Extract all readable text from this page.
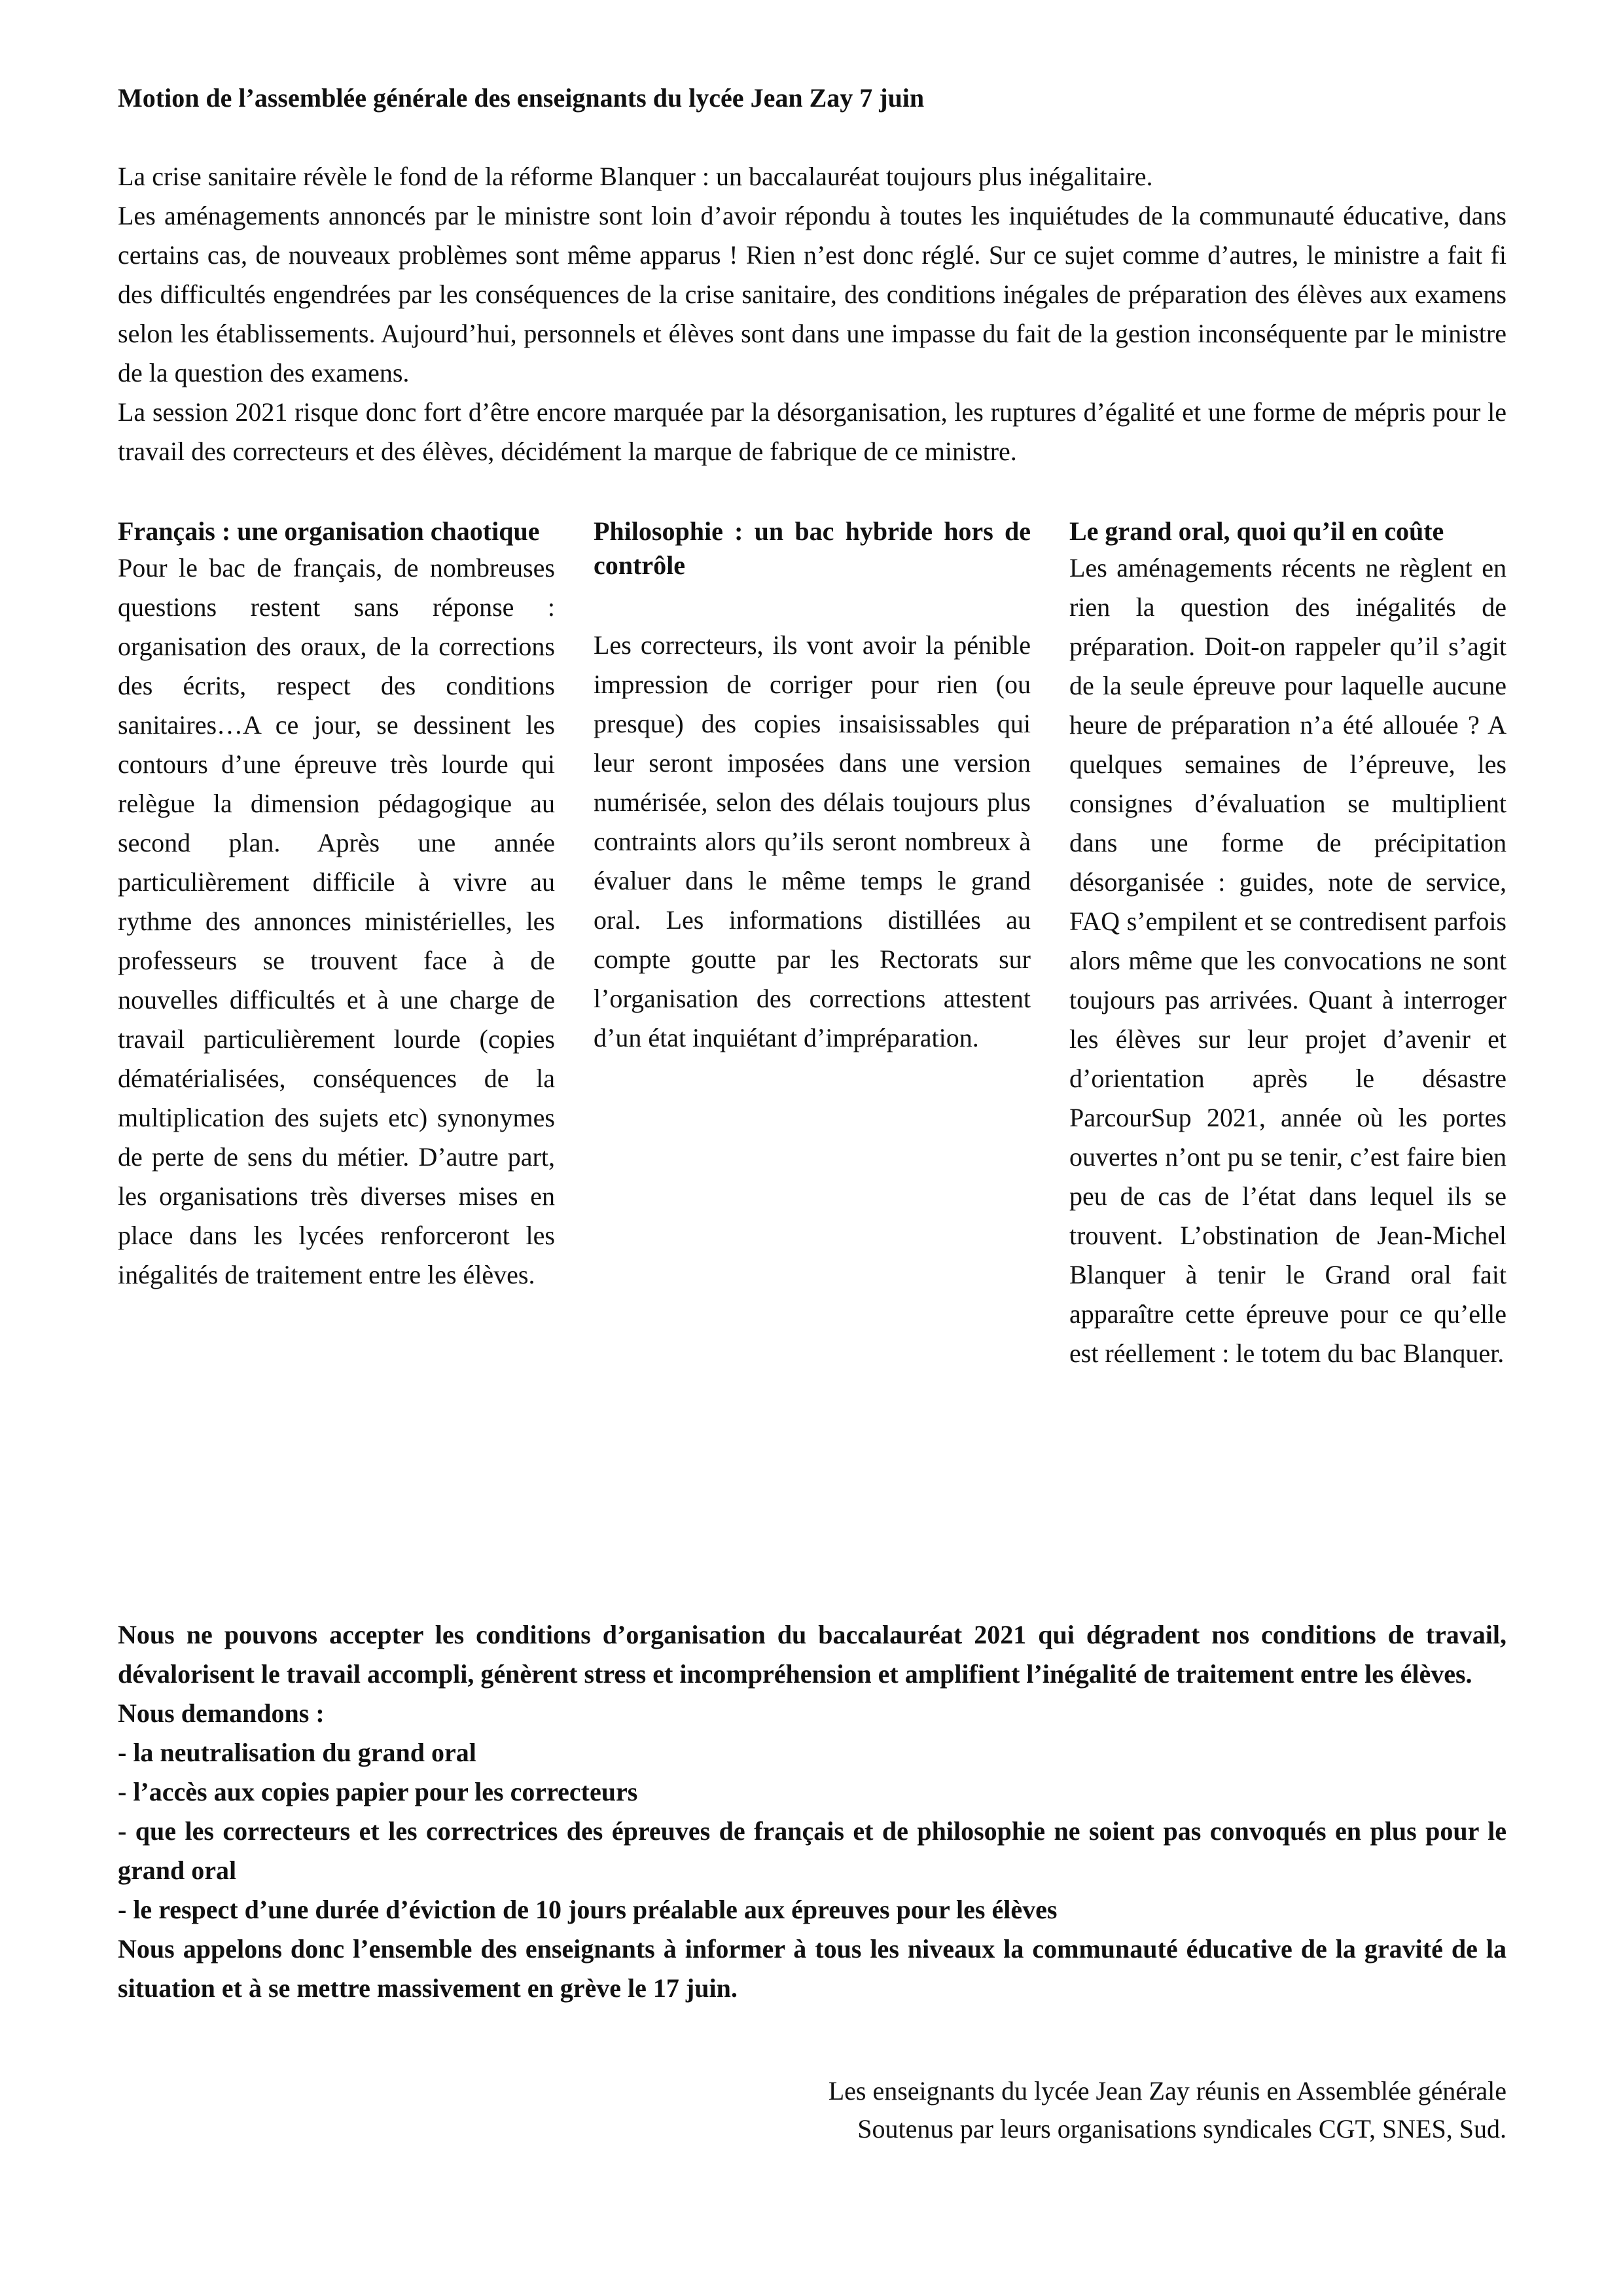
Motion de l’assemblée générale des enseignants du lycée Jean Zay 7 juin

La crise sanitaire révèle le fond de la réforme Blanquer : un baccalauréat toujours plus inégalitaire.

Les aménagements annoncés par le ministre sont loin d’avoir répondu à toutes les inquiétudes de la communauté éducative, dans certains cas, de nouveaux problèmes sont même apparus ! Rien n’est donc réglé. Sur ce sujet comme d’autres, le ministre a fait fi des difficultés engendrées par les conséquences de la crise sanitaire, des conditions inégales de préparation des élèves aux examens selon les établissements. Aujourd’hui, personnels et élèves sont dans une impasse du fait de la gestion inconséquente par le ministre de la question des examens.

La session 2021 risque donc fort d’être encore marquée par la désorganisation, les ruptures d’égalité et une forme de mépris pour le travail des correcteurs et des élèves, décidément la marque de fabrique de ce ministre.

Français : une organisation chaotique

Pour le bac de français, de nombreuses questions restent sans réponse : organisation des oraux, de la corrections des écrits, respect des conditions sanitaires…A ce jour, se dessinent les contours d’une épreuve très lourde qui relègue la dimension pédagogique au second plan. Après une année particulièrement difficile à vivre au rythme des annonces ministérielles, les professeurs se trouvent face à de nouvelles difficultés et à une charge de travail particulièrement lourde (copies dématérialisées, conséquences de la multiplication des sujets etc) synonymes de perte de sens du métier. D’autre part, les organisations très diverses mises en place dans les lycées renforceront les inégalités de traitement entre les élèves.

Philosophie : un bac hybride hors de contrôle

Les correcteurs, ils vont avoir la pénible impression de corriger pour rien (ou presque) des copies insaisissables qui leur seront imposées dans une version numérisée, selon des délais toujours plus contraints alors qu’ils seront nombreux à évaluer dans le même temps le grand oral. Les informations distillées au compte goutte par les Rectorats sur l’organisation des corrections attestent d’un état inquiétant d’impréparation.

Le grand oral, quoi qu’il en coûte

Les aménagements récents ne règlent en rien la question des inégalités de préparation. Doit-on rappeler qu’il s’agit de la seule épreuve pour laquelle aucune heure de préparation n’a été allouée ? A quelques semaines de l’épreuve, les consignes d’évaluation se multiplient dans une forme de précipitation désorganisée : guides, note de service, FAQ s’empilent et se contredisent parfois alors même que les convocations ne sont toujours pas arrivées. Quant à interroger les élèves sur leur projet d’avenir et d’orientation après le désastre ParcourSup 2021, année où les portes ouvertes n’ont pu se tenir, c’est faire bien peu de cas de l’état dans lequel ils se trouvent. L’obstination de Jean-Michel Blanquer à tenir le Grand oral fait apparaître cette épreuve pour ce qu’elle est réellement : le totem du bac Blanquer.

Nous ne pouvons accepter les conditions d’organisation du baccalauréat 2021 qui dégradent nos conditions de travail, dévalorisent le travail accompli, génèrent stress et incompréhension et amplifient l’inégalité de traitement entre les élèves.

Nous demandons :

- la neutralisation du grand oral

- l’accès aux copies papier pour les correcteurs

- que les correcteurs et les correctrices des épreuves de français et de philosophie ne soient pas convoqués en plus pour le grand oral

- le respect d’une durée d’éviction de 10 jours préalable aux épreuves pour les élèves

Nous appelons donc l’ensemble des enseignants à informer à tous les niveaux la communauté éducative de la gravité de la situation et à se mettre massivement en grève le 17 juin.

Les enseignants du lycée Jean Zay réunis en Assemblée générale

Soutenus par leurs organisations syndicales CGT, SNES, Sud.
